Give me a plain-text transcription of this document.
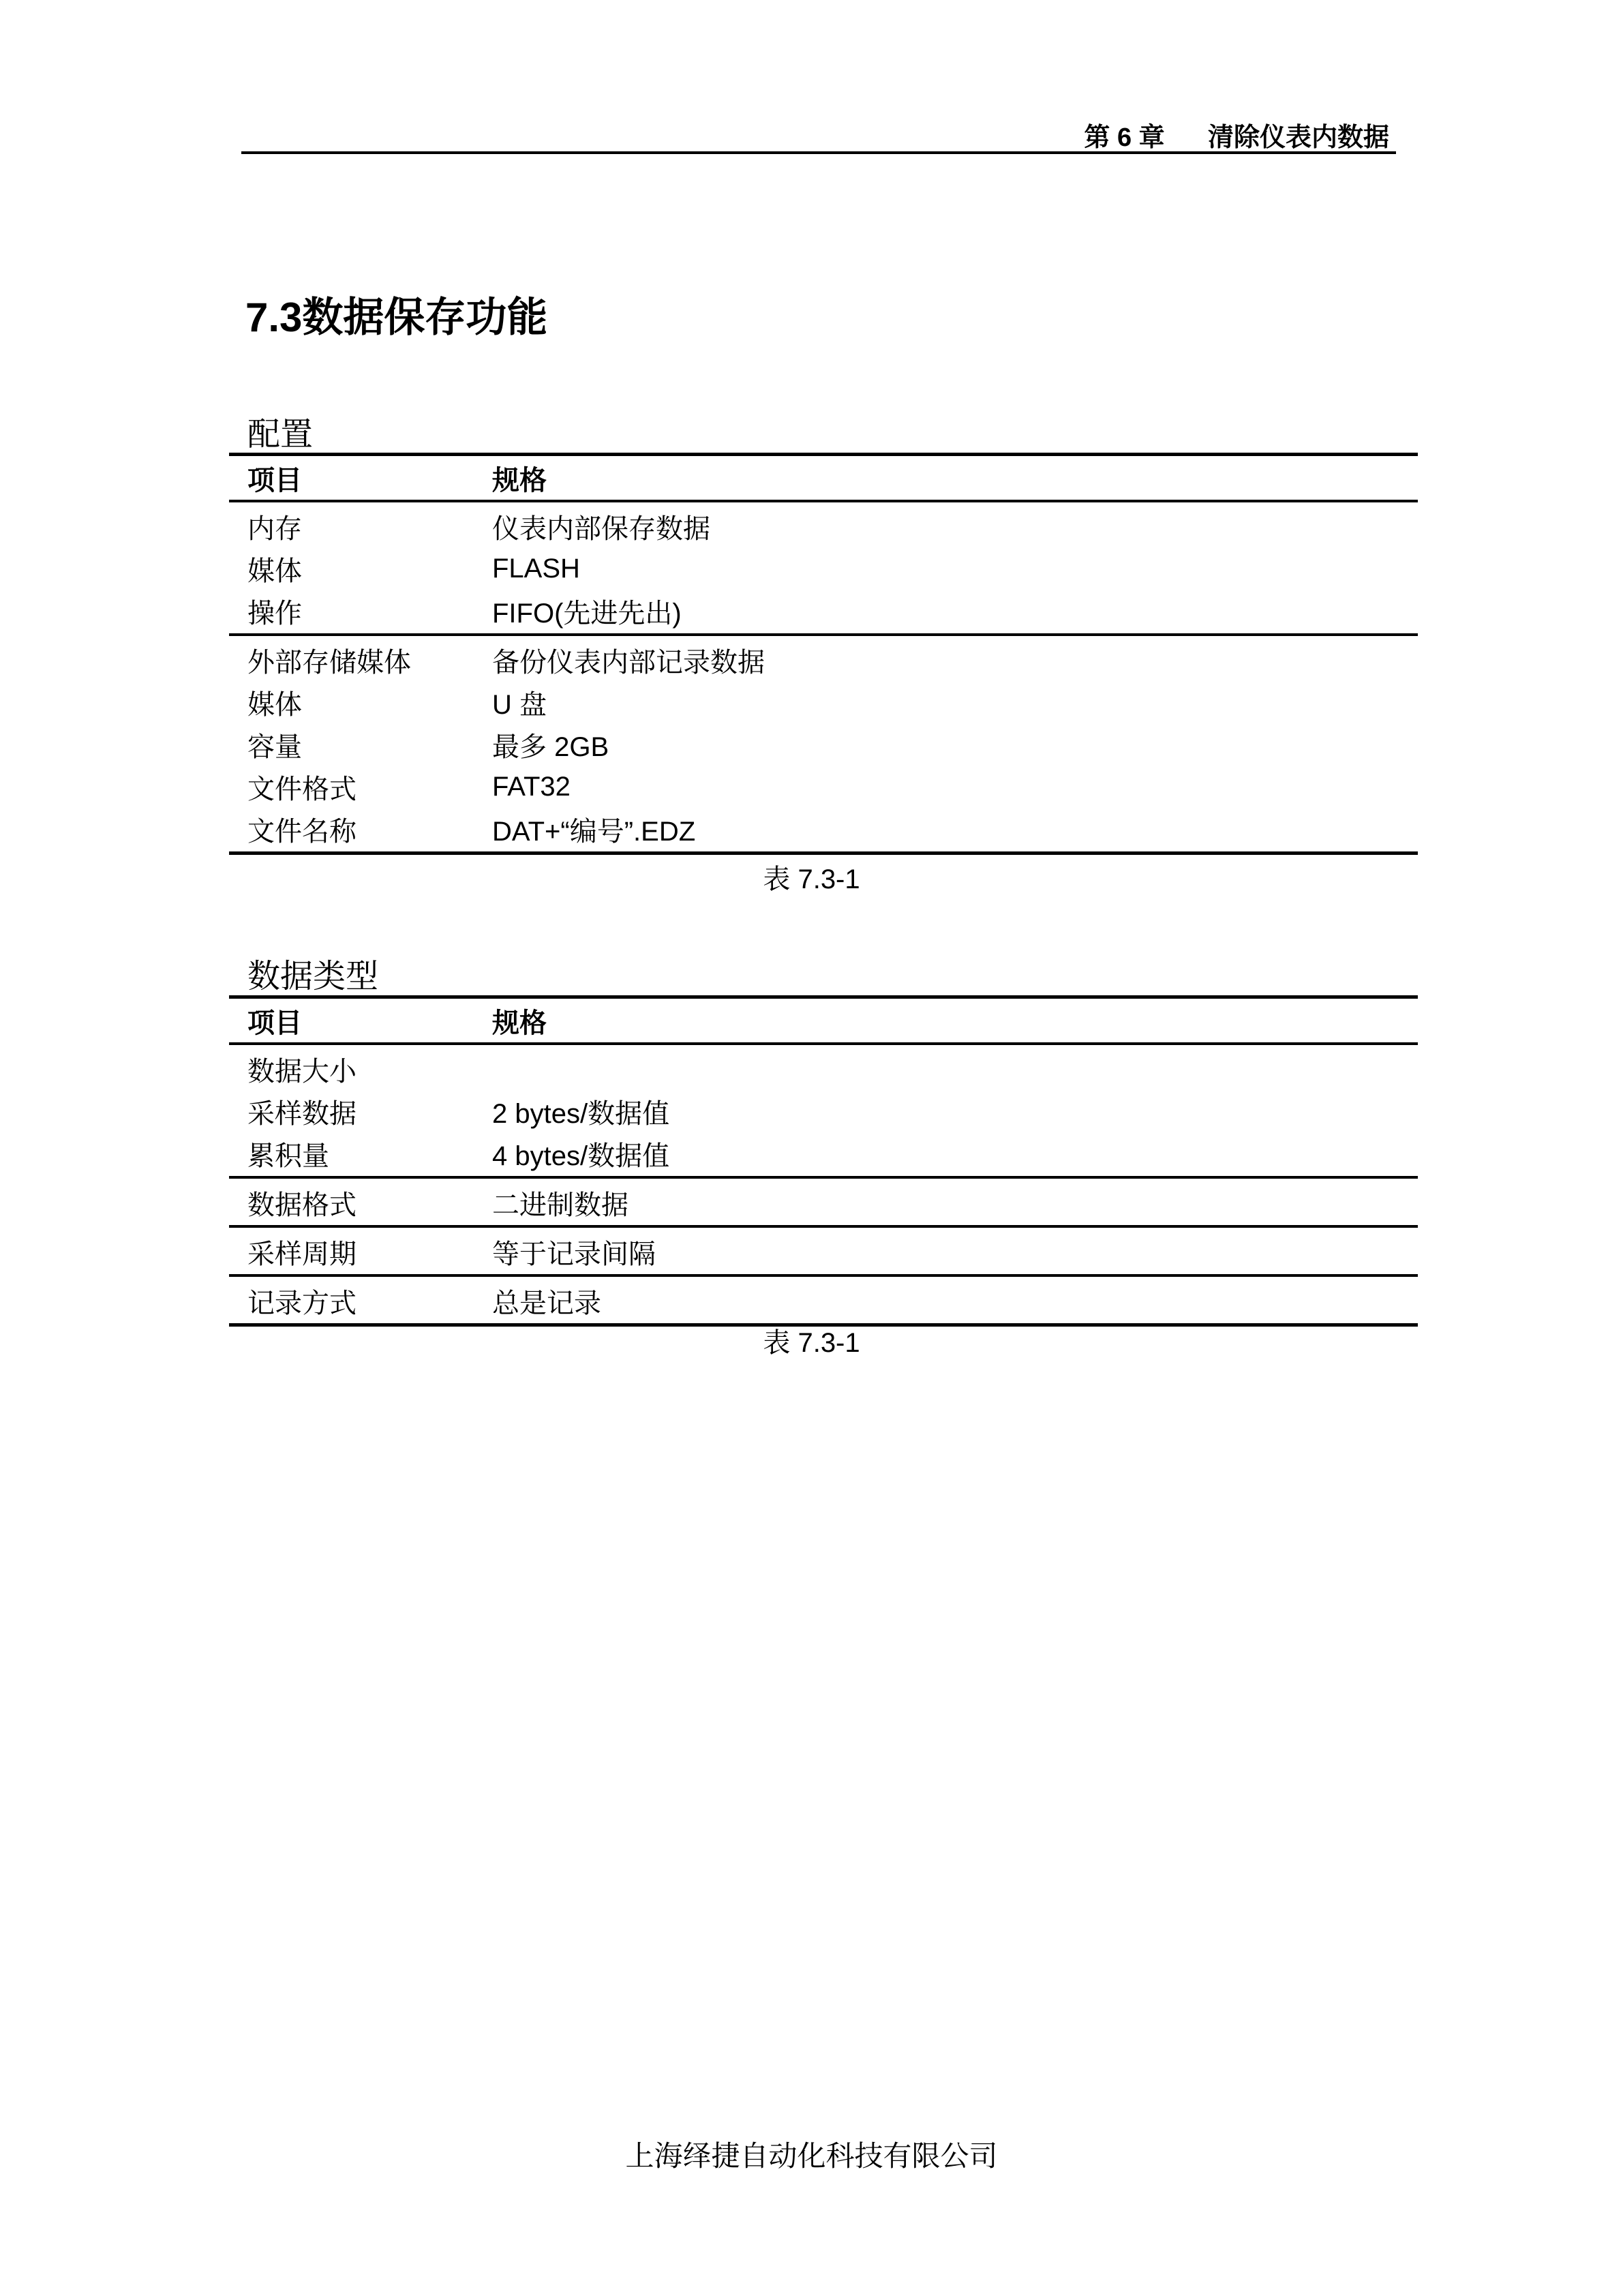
第 6 章      清除仪表内数据
7.3数据保存功能
配置
项目	规格
内存	仪表内部保存数据
媒体	FLASH
操作	FIFO(先进先出)
外部存储媒体	备份仪表内部记录数据
媒体	U 盘
容量	最多 2GB
文件格式	FAT32
文件名称	DAT+“编号”.EDZ
表 7.3-1
数据类型
项目	规格
数据大小
采样数据	2 bytes/数据值
累积量	4 bytes/数据值
数据格式	二进制数据
采样周期	等于记录间隔
记录方式	总是记录
表 7.3-1
上海绎捷自动化科技有限公司
